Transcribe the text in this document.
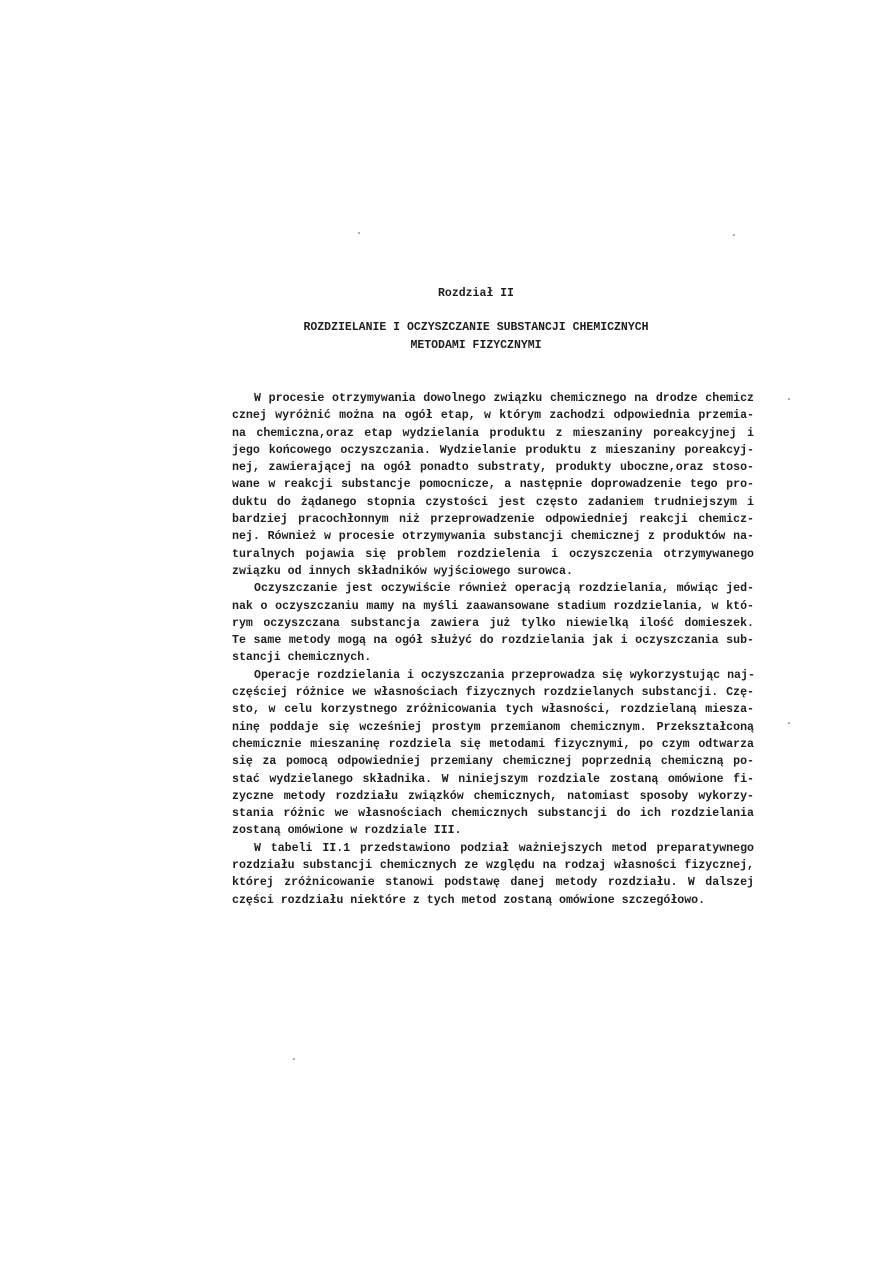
Rozdział II
ROZDZIELANIE I OCZYSZCZANIE SUBSTANCJI CHEMICZNYCH
METODAMI FIZYCZNYMI
W procesie otrzymywania dowolnego związku chemicznego na drodze chemicz
cznej wyróżnić można na ogół etap, w którym zachodzi odpowiednia przemia-
na chemiczna,oraz etap wydzielania produktu z mieszaniny poreakcyjnej i
jego końcowego oczyszczania. Wydzielanie produktu z mieszaniny poreakcyj-
nej, zawierającej na ogół ponadto substraty, produkty uboczne,oraz stoso-
wane w reakcji substancje pomocnicze, a następnie doprowadzenie tego pro-
duktu do żądanego stopnia czystości jest często zadaniem trudniejszym i
bardziej pracochłonnym niż przeprowadzenie odpowiedniej reakcji chemicz-
nej. Również w procesie otrzymywania substancji chemicznej z produktów na-
turalnych pojawia się problem rozdzielenia i oczyszczenia otrzymywanego
związku od innych składników wyjściowego surowca.
Oczyszczanie jest oczywiście również operacją rozdzielania, mówiąc jed-
nak o oczyszczaniu mamy na myśli zaawansowane stadium rozdzielania, w któ-
rym oczyszczana substancja zawiera już tylko niewielką ilość domieszek.
Te same metody mogą na ogół służyć do rozdzielania jak i oczyszczania sub-
stancji chemicznych.
Operacje rozdzielania i oczyszczania przeprowadza się wykorzystując naj-
częściej różnice we własnościach fizycznych rozdzielanych substancji. Czę-
sto, w celu korzystnego zróżnicowania tych własności, rozdzielaną miesza-
ninę poddaje się wcześniej prostym przemianom chemicznym. Przekształconą
chemicznie mieszaninę rozdziela się metodami fizycznymi, po czym odtwarza
się za pomocą odpowiedniej przemiany chemicznej poprzednią chemiczną po-
stać wydzielanego składnika. W niniejszym rozdziale zostaną omówione fi-
zyczne metody rozdziału związków chemicznych, natomiast sposoby wykorzy-
stania różnic we własnościach chemicznych substancji do ich rozdzielania
zostaną omówione w rozdziale III.
W tabeli II.1 przedstawiono podział ważniejszych metod preparatywnego
rozdziału substancji chemicznych ze względu na rodzaj własności fizycznej,
której zróżnicowanie stanowi podstawę danej metody rozdziału. W dalszej
części rozdziału niektóre z tych metod zostaną omówione szczegółowo.
